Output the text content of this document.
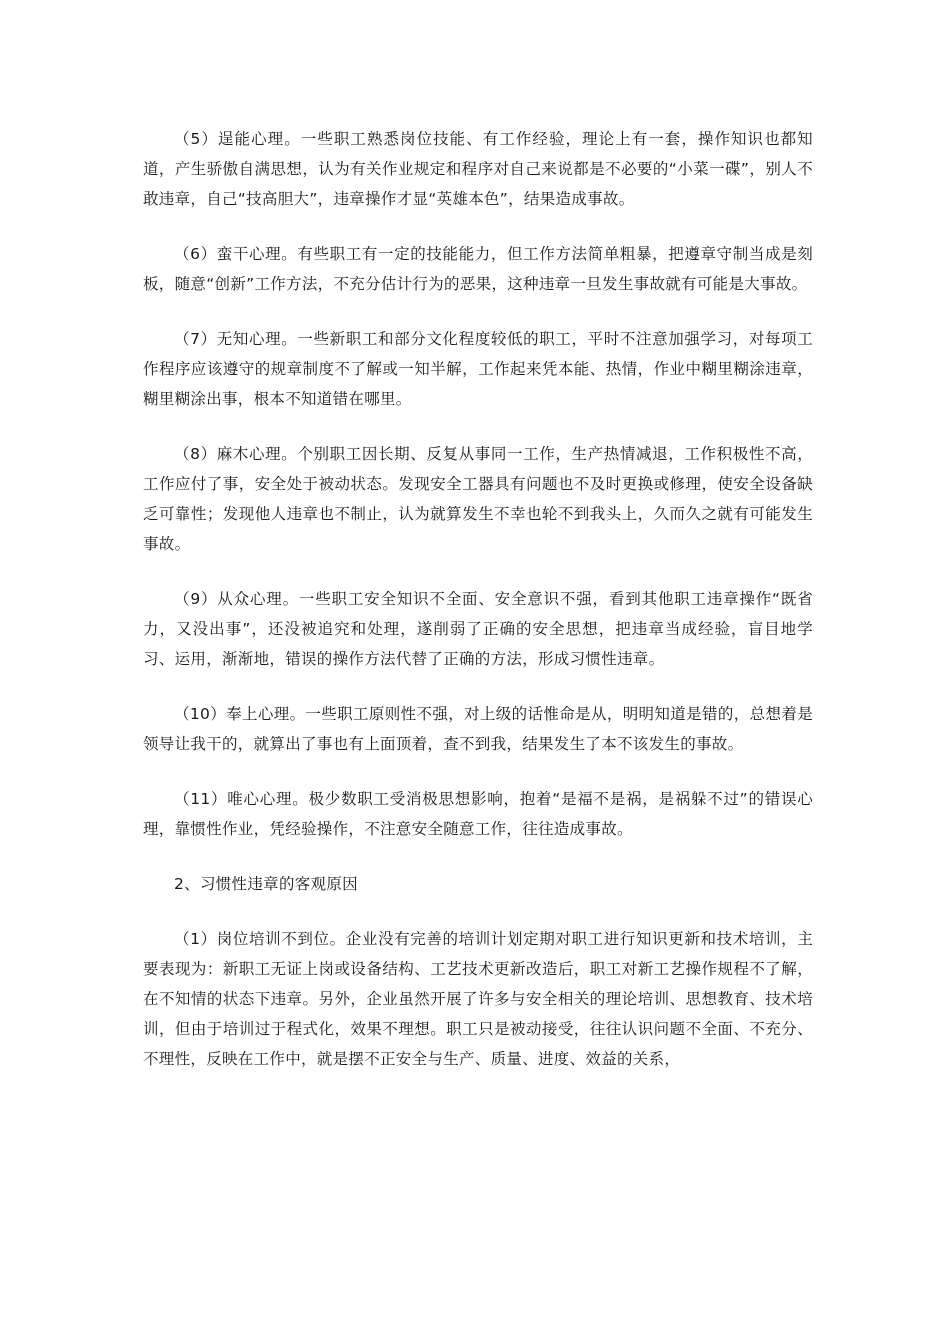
（5）逞能心理。一些职工熟悉岗位技能、有工作经验，理论上有一套，操作知识也都知道，产生骄傲自满思想，认为有关作业规定和程序对自己来说都是不必要的“小菜一碟”，别人不敢违章，自己“技高胆大”，违章操作才显“英雄本色”，结果造成事故。

（6）蛮干心理。有些职工有一定的技能能力，但工作方法简单粗暴，把遵章守制当成是刻板，随意“创新”工作方法，不充分估计行为的恶果，这种违章一旦发生事故就有可能是大事故。

（7）无知心理。一些新职工和部分文化程度较低的职工，平时不注意加强学习，对每项工作程序应该遵守的规章制度不了解或一知半解，工作起来凭本能、热情，作业中糊里糊涂违章，糊里糊涂出事，根本不知道错在哪里。

（8）麻木心理。个别职工因长期、反复从事同一工作，生产热情减退，工作积极性不高，工作应付了事，安全处于被动状态。发现安全工器具有问题也不及时更换或修理，使安全设备缺乏可靠性；发现他人违章也不制止，认为就算发生不幸也轮不到我头上，久而久之就有可能发生事故。

（9）从众心理。一些职工安全知识不全面、安全意识不强，看到其他职工违章操作“既省力，又没出事”，还没被追究和处理，遂削弱了正确的安全思想，把违章当成经验，盲目地学习、运用，渐渐地，错误的操作方法代替了正确的方法，形成习惯性违章。

（10）奉上心理。一些职工原则性不强，对上级的话惟命是从，明明知道是错的，总想着是领导让我干的，就算出了事也有上面顶着，查不到我，结果发生了本不该发生的事故。

（11）唯心心理。极少数职工受消极思想影响，抱着“是福不是祸，是祸躲不过”的错误心理，靠惯性作业，凭经验操作，不注意安全随意工作，往往造成事故。

2、习惯性违章的客观原因

（1）岗位培训不到位。企业没有完善的培训计划定期对职工进行知识更新和技术培训，主要表现为：新职工无证上岗或设备结构、工艺技术更新改造后，职工对新工艺操作规程不了解，在不知情的状态下违章。另外，企业虽然开展了许多与安全相关的理论培训、思想教育、技术培训，但由于培训过于程式化，效果不理想。职工只是被动接受，往往认识问题不全面、不充分、不理性，反映在工作中，就是摆不正安全与生产、质量、进度、效益的关系，
